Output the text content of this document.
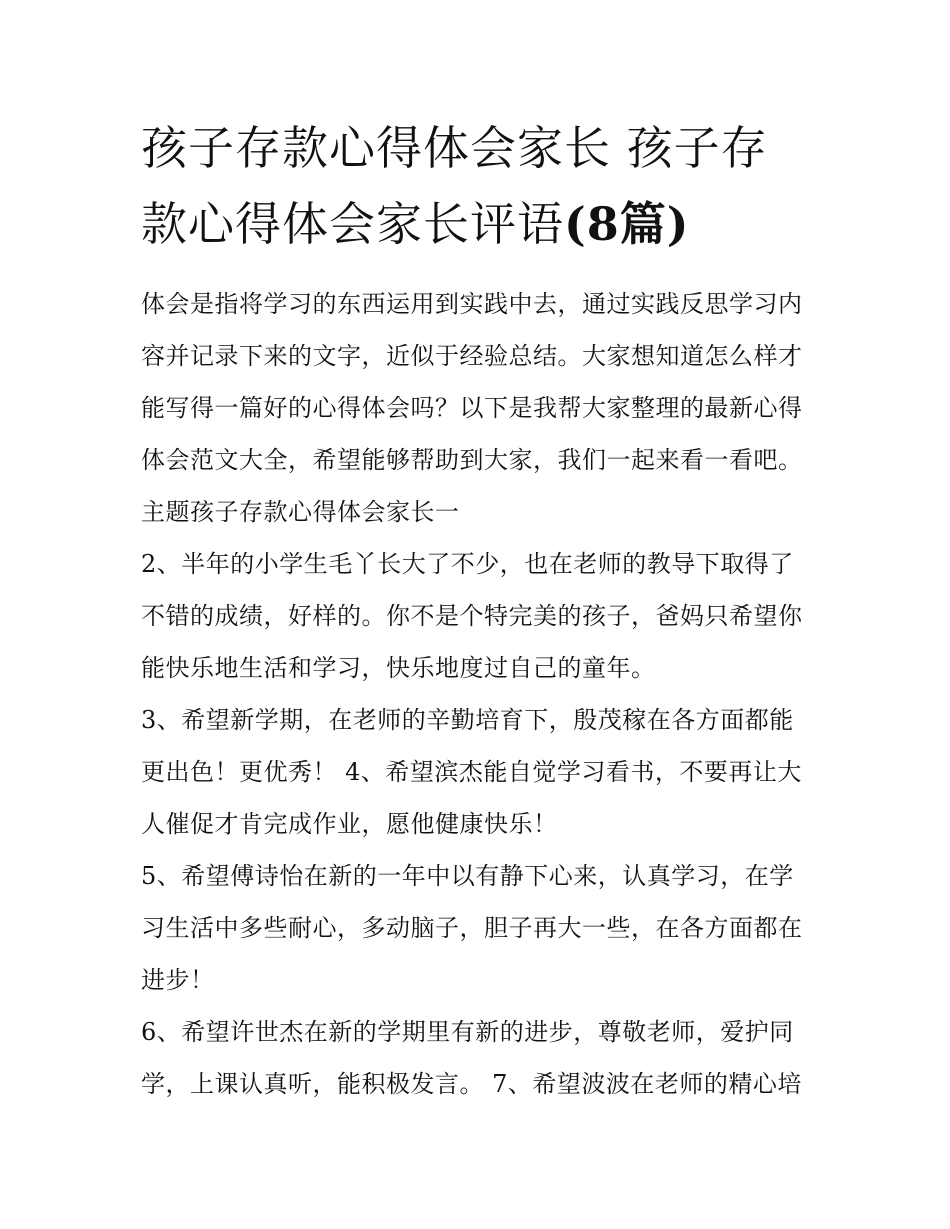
孩子存款心得体会家长 孩子存
款心得体会家长评语(8篇)
体会是指将学习的东西运用到实践中去，通过实践反思学习内
容并记录下来的文字，近似于经验总结。大家想知道怎么样才
能写得一篇好的心得体会吗？以下是我帮大家整理的最新心得
体会范文大全，希望能够帮助到大家，我们一起来看一看吧。
主题孩子存款心得体会家长一
2、半年的小学生毛丫长大了不少，也在老师的教导下取得了
不错的成绩，好样的。你不是个特完美的孩子，爸妈只希望你
能快乐地生活和学习，快乐地度过自己的童年。
3、希望新学期，在老师的辛勤培育下，殷茂稼在各方面都能
更出色！更优秀！ 4、希望滨杰能自觉学习看书，不要再让大
人催促才肯完成作业，愿他健康快乐！
5、希望傅诗怡在新的一年中以有静下心来，认真学习，在学
习生活中多些耐心，多动脑子，胆子再大一些，在各方面都在
进步！
6、希望许世杰在新的学期里有新的进步，尊敬老师，爱护同
学，上课认真听，能积极发言。 7、希望波波在老师的精心培
